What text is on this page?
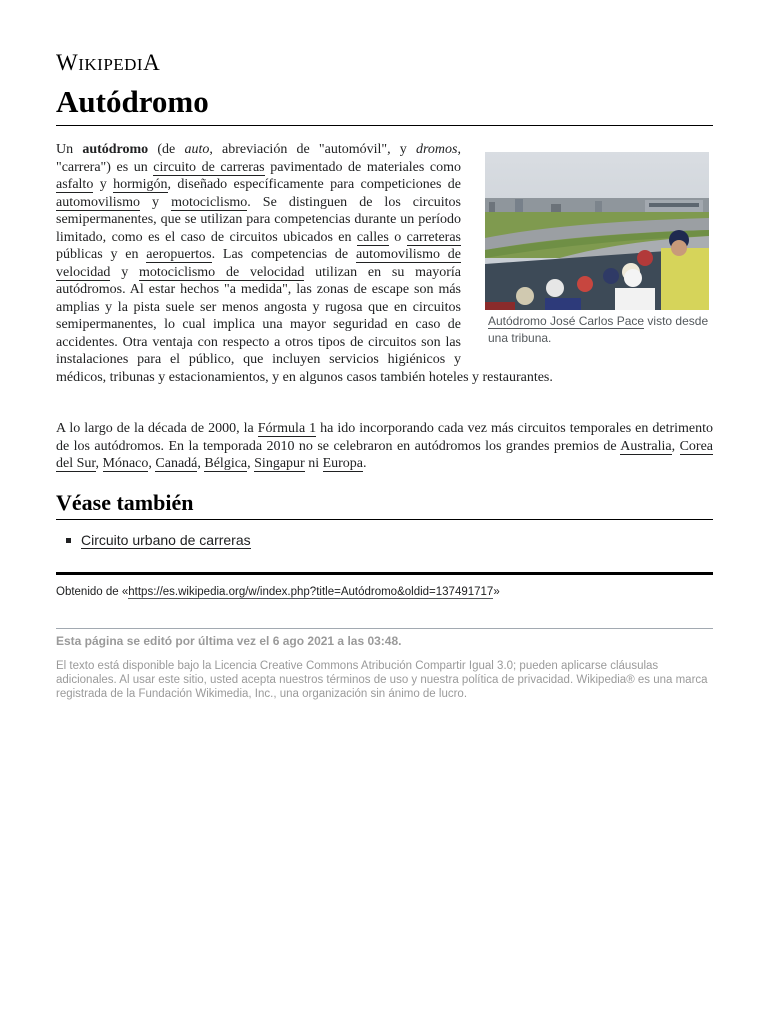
WIKIPEDIA
Autódromo
Autódromo José Carlos Pace visto desde una tribuna.

Un autódromo (de auto, abreviación de "automóvil", y dromos, "carrera") es un circuito de carreras pavimentado de materiales como asfalto y hormigón, diseñado específicamente para competiciones de automovilismo y motociclismo. Se distinguen de los circuitos semipermanentes, que se utilizan para competencias durante un período limitado, como es el caso de circuitos ubicados en calles o carreteras públicas y en aeropuertos. Las competencias de automovilismo de velocidad y motociclismo de velocidad utilizan en su mayoría autódromos. Al estar hechos "a medida", las zonas de escape son más amplias y la pista suele ser menos angosta y rugosa que en circuitos semipermanentes, lo cual implica una mayor seguridad en caso de accidentes. Otra ventaja con respecto a otros tipos de circuitos son las instalaciones para el público, que incluyen servicios higiénicos y médicos, tribunas y estacionamientos, y en algunos casos también hoteles y restaurantes.

A lo largo de la década de 2000, la Fórmula 1 ha ido incorporando cada vez más circuitos temporales en detrimento de los autódromos. En la temporada 2010 no se celebraron en autódromos los grandes premios de Australia, Corea del Sur, Mónaco, Canadá, Bélgica, Singapur ni Europa.

Véase también
Circuito urbano de carreras
Obtenido de «https://es.wikipedia.org/w/index.php?title=Autódromo&oldid=137491717»
Esta página se editó por última vez el 6 ago 2021 a las 03:48.
El texto está disponible bajo la Licencia Creative Commons Atribución Compartir Igual 3.0; pueden aplicarse cláusulas adicionales. Al usar este sitio, usted acepta nuestros términos de uso y nuestra política de privacidad. Wikipedia® es una marca registrada de la Fundación Wikimedia, Inc., una organización sin ánimo de lucro.
